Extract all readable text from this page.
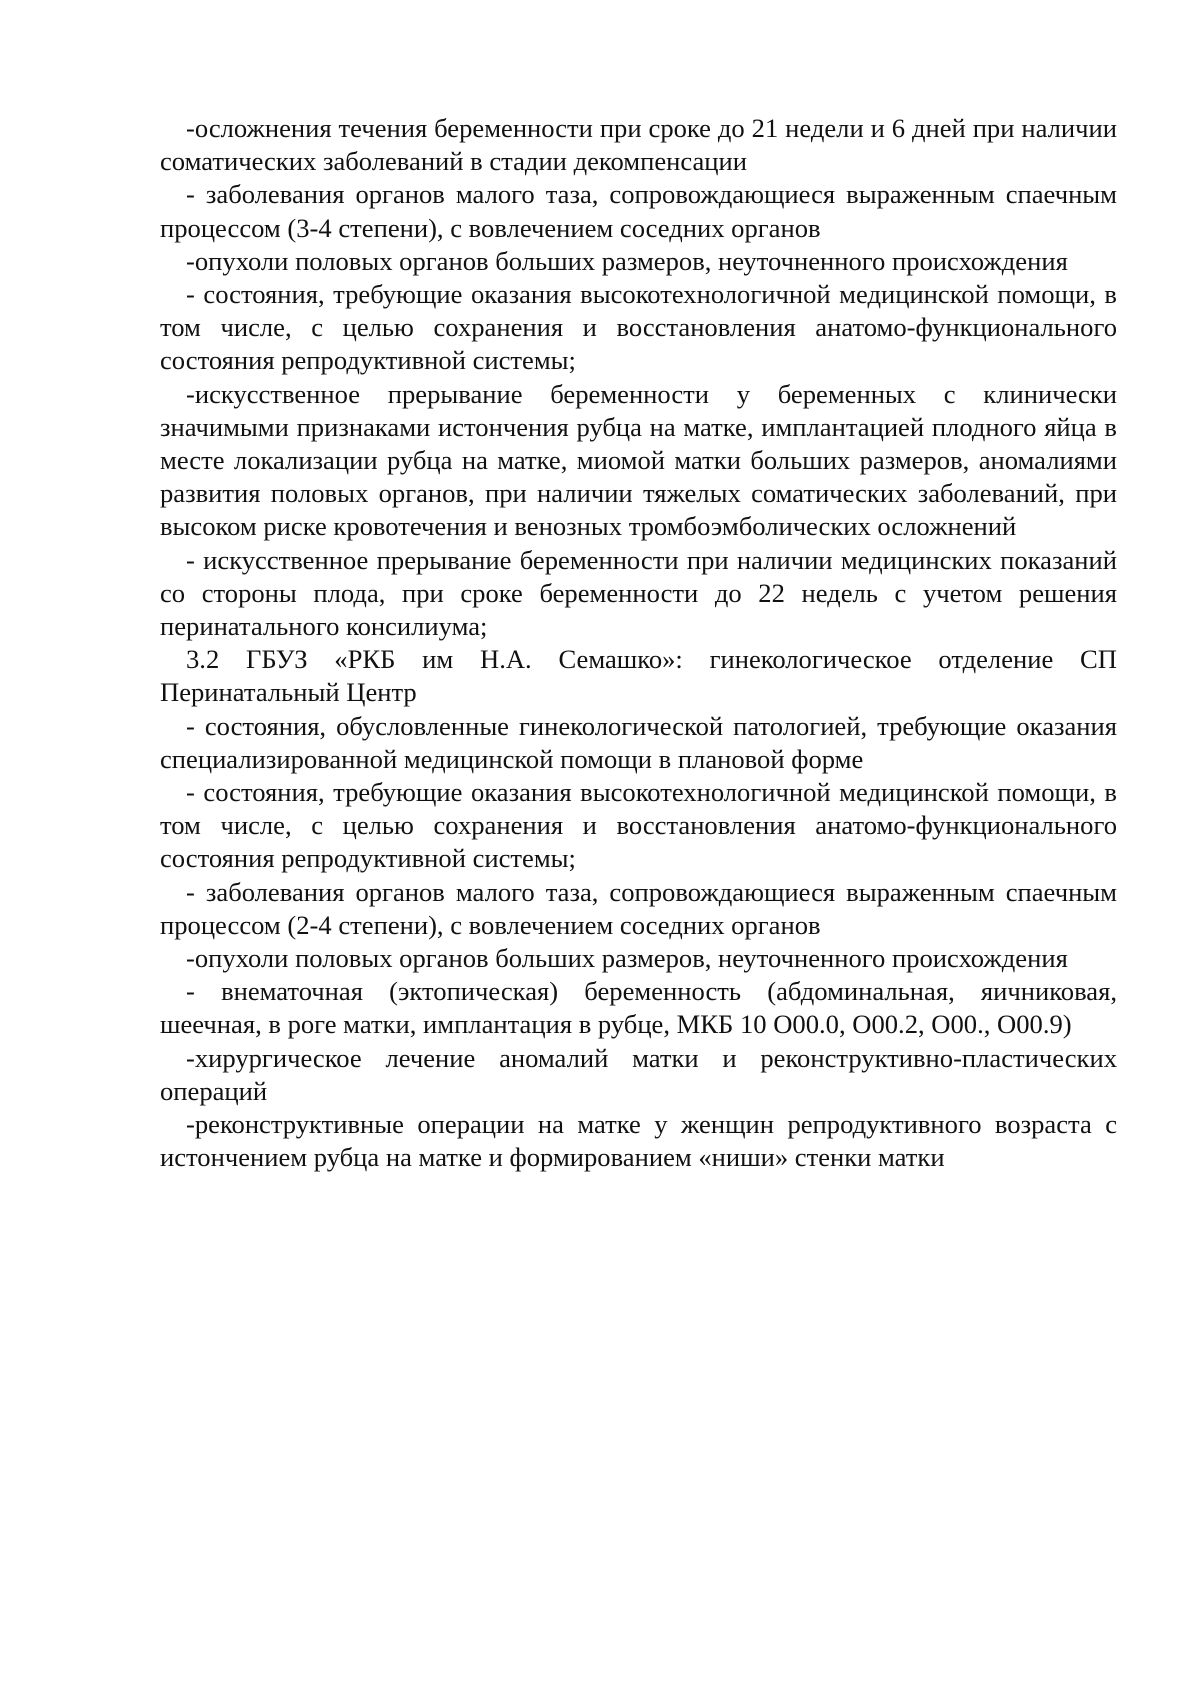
-осложнения течения беременности при сроке до 21 недели и 6 дней при наличии соматических заболеваний в стадии декомпенсации

- заболевания органов малого таза, сопровождающиеся выраженным спаечным процессом (3-4 степени), с вовлечением соседних органов

-опухоли половых органов больших размеров, неуточненного происхождения

- состояния, требующие оказания высокотехнологичной медицинской помощи, в том числе, с целью сохранения и восстановления анатомо-функционального состояния репродуктивной системы;

-искусственное прерывание беременности у беременных с клинически значимыми признаками истончения рубца на матке, имплантацией плодного яйца в месте локализации рубца на матке, миомой матки больших размеров, аномалиями развития половых органов, при наличии тяжелых соматических заболеваний, при высоком риске кровотечения и венозных тромбоэмболических осложнений

- искусственное прерывание беременности при наличии медицинских показаний со стороны плода, при сроке беременности до 22 недель с учетом решения перинатального консилиума;

3.2 ГБУЗ «РКБ им Н.А. Семашко»: гинекологическое отделение СП Перинатальный Центр

- состояния, обусловленные гинекологической патологией, требующие оказания специализированной медицинской помощи в плановой форме

- состояния, требующие оказания высокотехнологичной медицинской помощи, в том числе, с целью сохранения и восстановления анатомо-функционального состояния репродуктивной системы;

- заболевания органов малого таза, сопровождающиеся выраженным спаечным процессом (2-4 степени), с вовлечением соседних органов

-опухоли половых органов больших размеров, неуточненного происхождения

- внематочная (эктопическая) беременность (абдоминальная, яичниковая, шеечная, в роге матки, имплантация в рубце, МКБ 10 О00.0, О00.2, О00., О00.9)

-хирургическое лечение аномалий матки и реконструктивно-пластических операций

-реконструктивные операции на матке у женщин репродуктивного возраста с истончением рубца на матке и формированием «ниши» стенки матки
